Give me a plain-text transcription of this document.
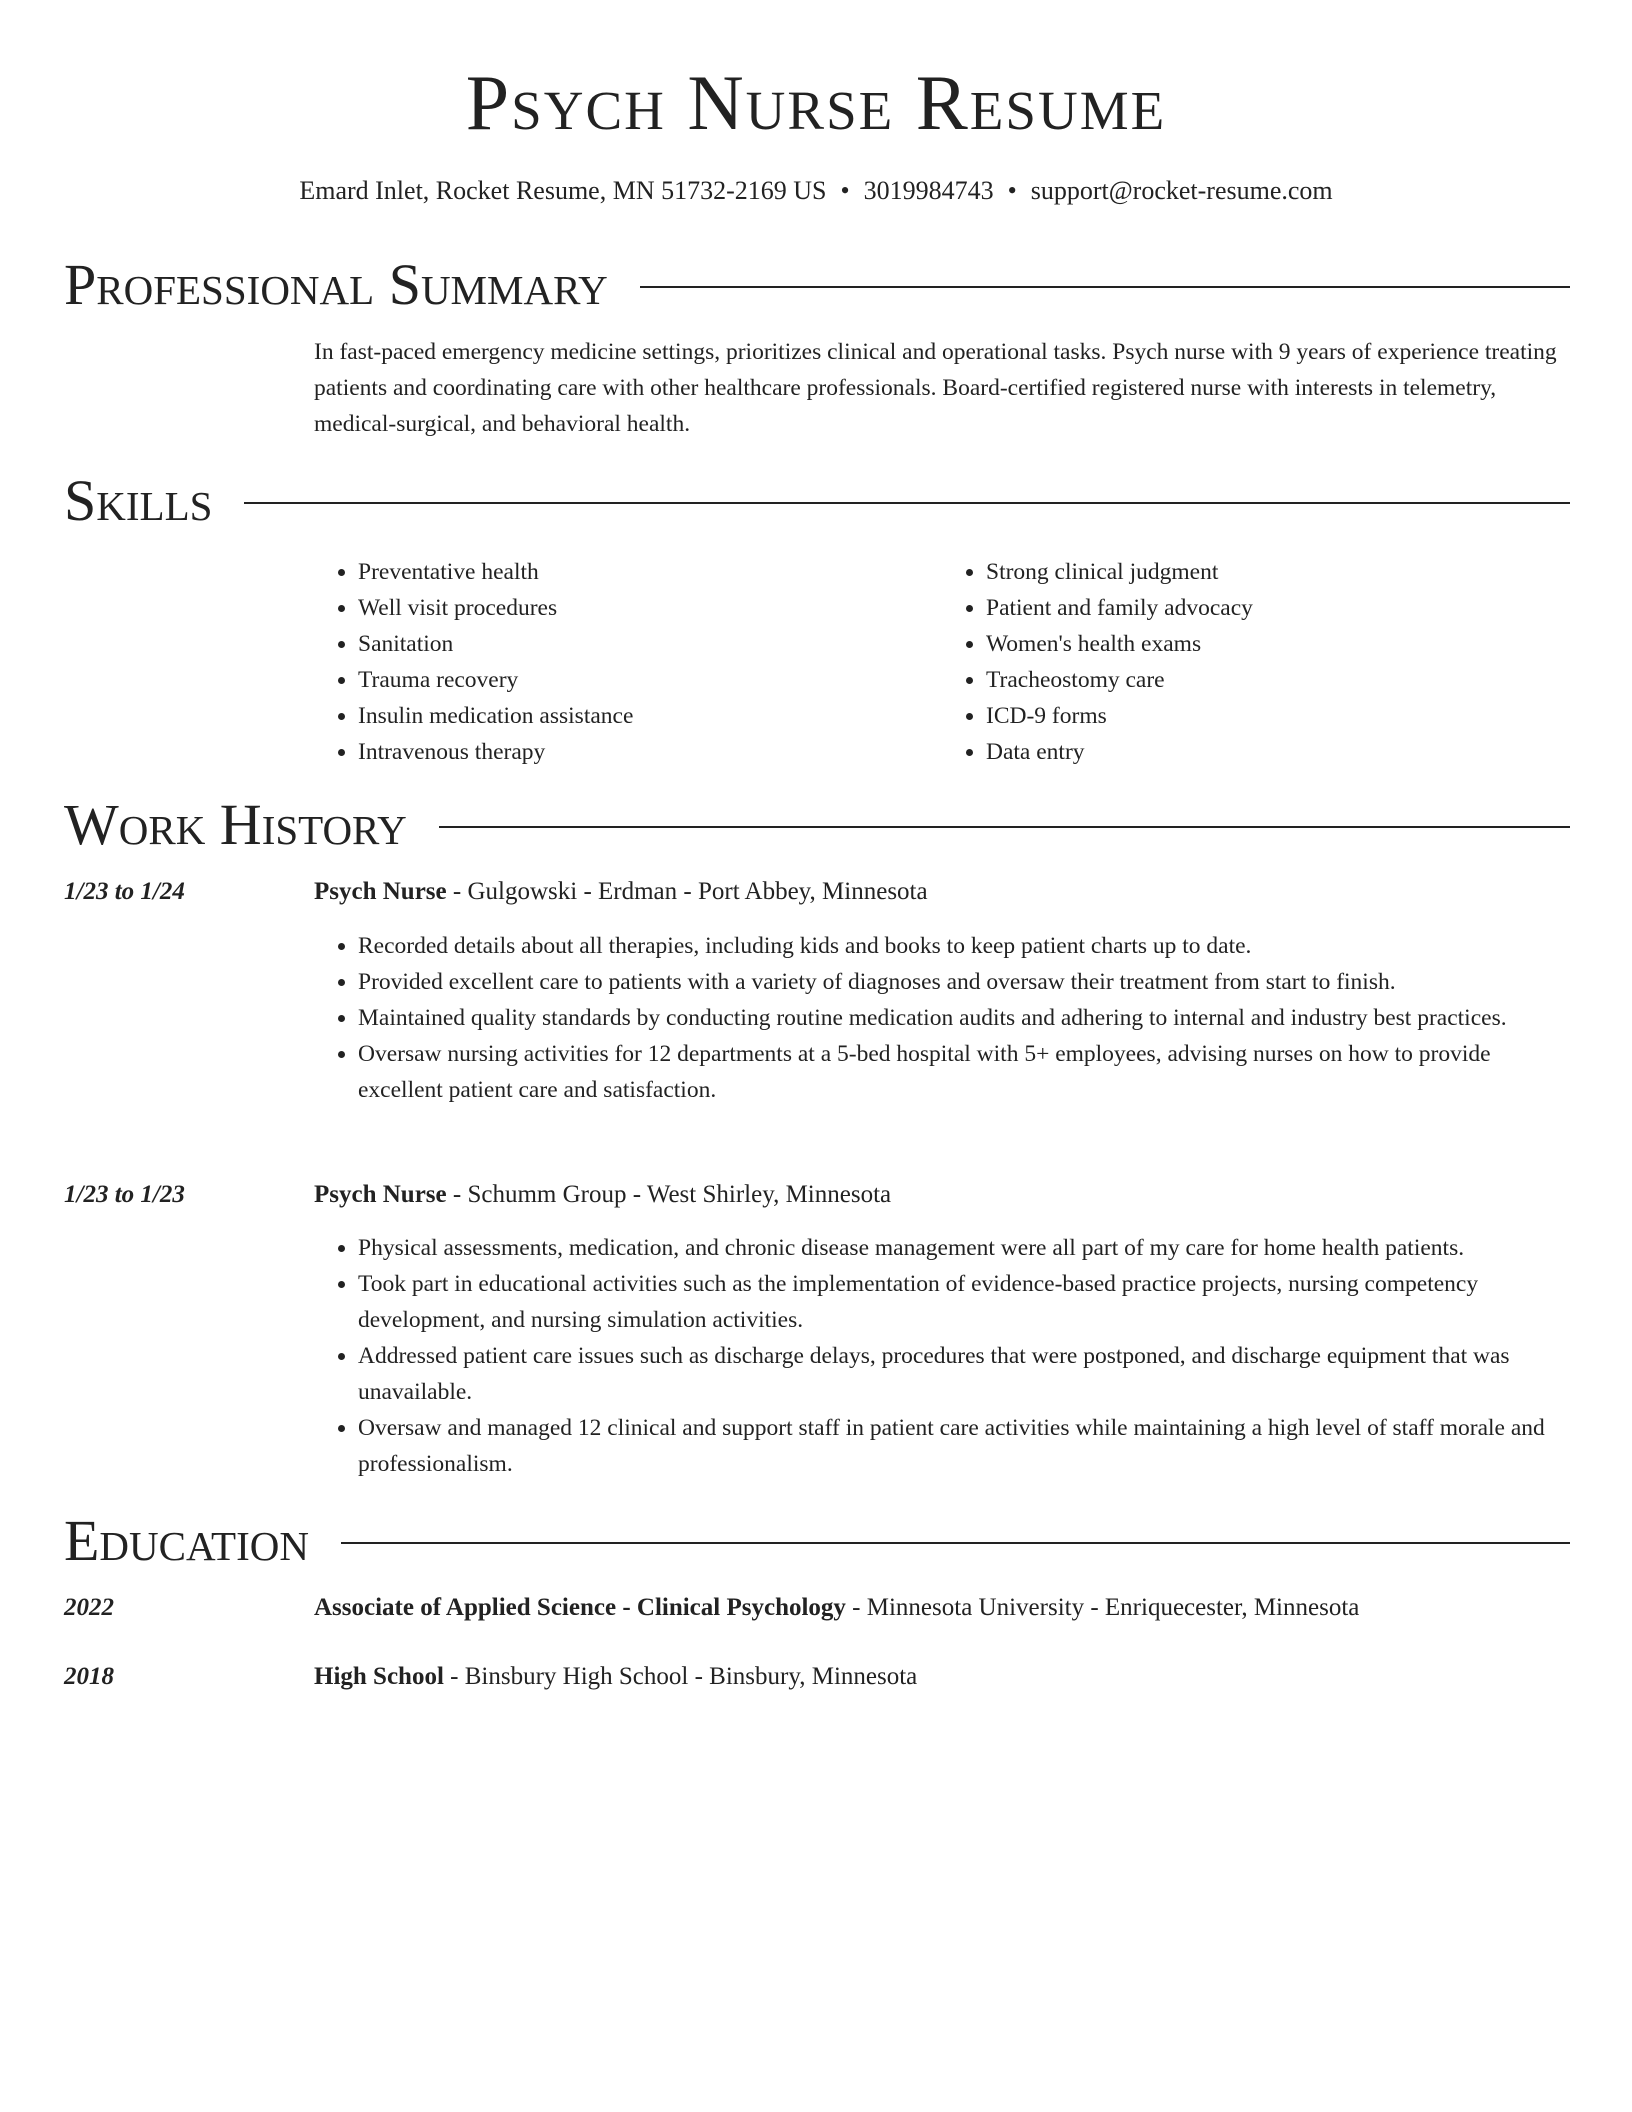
Psych Nurse Resume
Emard Inlet, Rocket Resume, MN 51732-2169 US • 3019984743 • support@rocket-resume.com
Professional Summary
In fast-paced emergency medicine settings, prioritizes clinical and operational tasks. Psych nurse with 9 years of experience treating patients and coordinating care with other healthcare professionals. Board-certified registered nurse with interests in telemetry, medical-surgical, and behavioral health.
Skills
• Preventative health
• Well visit procedures
• Sanitation
• Trauma recovery
• Insulin medication assistance
• Intravenous therapy
• Strong clinical judgment
• Patient and family advocacy
• Women's health exams
• Tracheostomy care
• ICD-9 forms
• Data entry
Work History
1/23 to 1/24	Psych Nurse - Gulgowski - Erdman - Port Abbey, Minnesota
• Recorded details about all therapies, including kids and books to keep patient charts up to date.
• Provided excellent care to patients with a variety of diagnoses and oversaw their treatment from start to finish.
• Maintained quality standards by conducting routine medication audits and adhering to internal and industry best practices.
• Oversaw nursing activities for 12 departments at a 5-bed hospital with 5+ employees, advising nurses on how to provide excellent patient care and satisfaction.
1/23 to 1/23	Psych Nurse - Schumm Group - West Shirley, Minnesota
• Physical assessments, medication, and chronic disease management were all part of my care for home health patients.
• Took part in educational activities such as the implementation of evidence-based practice projects, nursing competency development, and nursing simulation activities.
• Addressed patient care issues such as discharge delays, procedures that were postponed, and discharge equipment that was unavailable.
• Oversaw and managed 12 clinical and support staff in patient care activities while maintaining a high level of staff morale and professionalism.
Education
2022	Associate of Applied Science - Clinical Psychology - Minnesota University - Enriquecester, Minnesota
2018	High School - Binsbury High School - Binsbury, Minnesota
